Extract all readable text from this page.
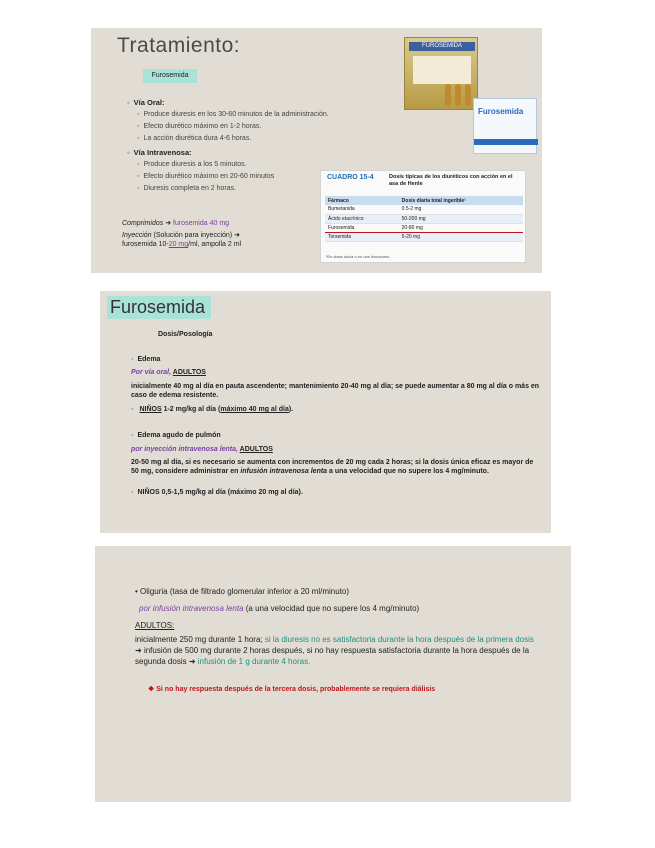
Tratamiento:
Furosemida
◦ Vía Oral:
◦ Produce diuresis en los 30-60 minutos de la administración.
◦ Efecto diurético máximo en 1-2 horas.
◦ La acción diurética dura 4-6 horas.
◦ Vía Intravenosa:
◦ Produce diuresis a los 5 minutos.
◦ Efecto diurético máximo en 20-60 minutos
◦ Diuresis completa en 2 horas.
Comprimidos ➜ furosemida 40 mg
Inyección (Solución para inyección) ➜
furosemida 10-20 mg/ml, ampolla 2 ml
FUROSEMIDA
Furosemida
CUADRO 15-4	Dosis típicas de los diuréticos con acción en el asa de Henle
Fármaco	Dosis diaria total ingerible¹
Bumetanida	0.5-2 mg
Ácido etacrínico	50-200 mg
Furosemida	20-80 mg
Torsemida	5-20 mg
¹En dosis única o en dos fracciones.
Furosemida
Dosis/Posología
◦ Edema
Por vía oral, ADULTOS
inicialmente 40 mg al día en pauta ascendente; mantenimiento 20-40 mg al día; se puede aumentar a 80 mg al día o más en caso de edema resistente.
◦ NIÑOS 1-2 mg/kg al día (máximo 40 mg al día).
◦ Edema agudo de pulmón
por inyección intravenosa lenta, ADULTOS
20-50 mg al día, si es necesario se aumenta con incrementos de 20 mg cada 2 horas; si la dosis única eficaz es mayor de 50 mg, considere administrar en infusión intravenosa lenta a una velocidad que no supere los 4 mg/minuto.
◦ NIÑOS 0,5-1,5 mg/kg al día (máximo 20 mg al día).
• Oliguria (tasa de filtrado glomerular inferior a 20 ml/minuto)
por infusión intravenosa lenta (a una velocidad que no supere los 4 mg/minuto)
ADULTOS:
inicialmente 250 mg durante 1 hora; si la diuresis no es satisfactoria durante la hora después de la primera dosis ➜ infusión de 500 mg durante 2 horas después, si no hay respuesta satisfactoria durante la hora después de la segunda dosis ➜ infusión de 1 g durante 4 horas.
❖ Si no hay respuesta después de la tercera dosis, probablemente se requiera diálisis
